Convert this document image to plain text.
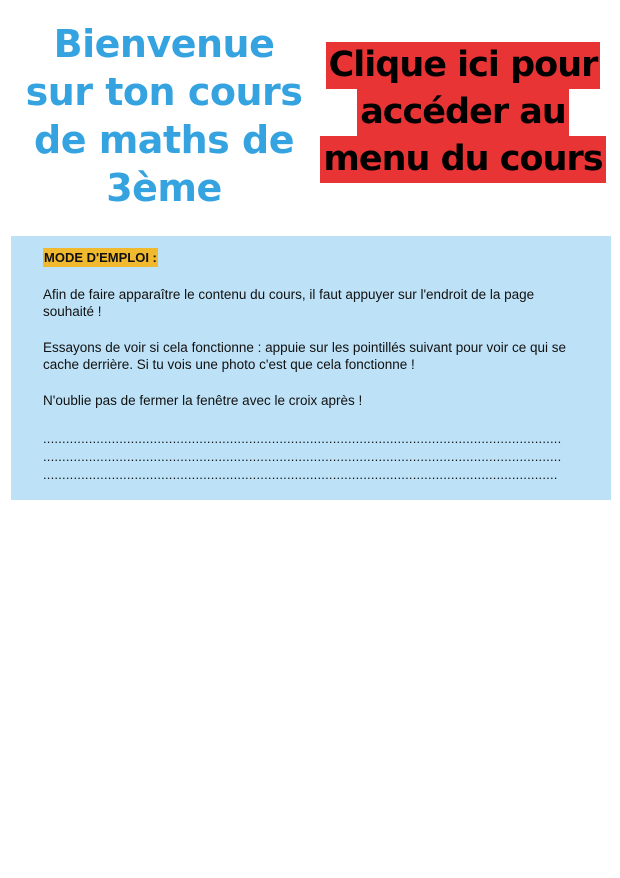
Bienvenue
sur ton cours
de maths de
3ème
Clique ici pour
accéder au
menu du cours
MODE D'EMPLOI :

Afin de faire apparaître le contenu du cours, il faut appuyer sur l'endroit de la page souhaité !

Essayons de voir si cela fonctionne : appuie sur les pointillés suivant pour voir ce qui se cache derrière. Si tu vois une photo c'est que cela fonctionne !

N'oublie pas de fermer la fenêtre avec le croix après !

........................................................................................................................................
........................................................................................................................................
.......................................................................................................................................
